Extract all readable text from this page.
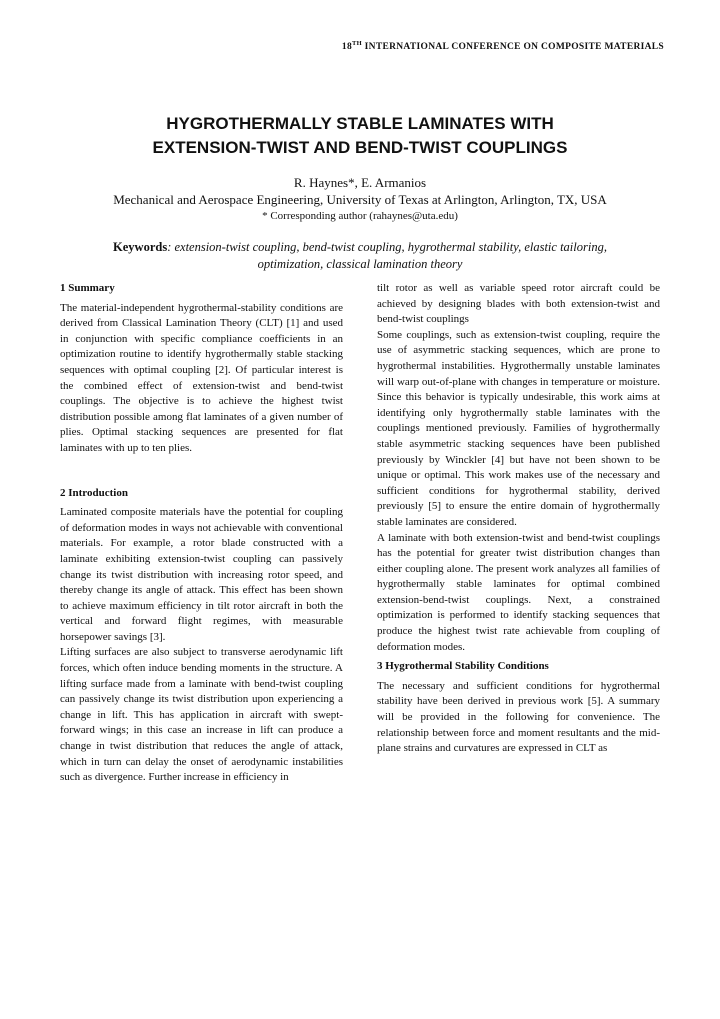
18TH INTERNATIONAL CONFERENCE ON COMPOSITE MATERIALS
HYGROTHERMALLY STABLE LAMINATES WITH
EXTENSION-TWIST AND BEND-TWIST COUPLINGS
R. Haynes*, E. Armanios
Mechanical and Aerospace Engineering, University of Texas at Arlington, Arlington, TX, USA
* Corresponding author (rahaynes@uta.edu)
Keywords: extension-twist coupling, bend-twist coupling, hygrothermal stability, elastic tailoring, optimization, classical lamination theory
1 Summary

The material-independent hygrothermal-stability conditions are derived from Classical Lamination Theory (CLT) [1] and used in conjunction with specific compliance coefficients in an optimization routine to identify hygrothermally stable stacking sequences with optimal coupling [2]. Of particular interest is the combined effect of extension-twist and bend-twist couplings. The objective is to achieve the highest twist distribution possible among flat laminates of a given number of plies. Optimal stacking sequences are presented for flat laminates with up to ten plies.

2 Introduction

Laminated composite materials have the potential for coupling of deformation modes in ways not achievable with conventional materials. For example, a rotor blade constructed with a laminate exhibiting extension-twist coupling can passively change its twist distribution with increasing rotor speed, and thereby change its angle of attack. This effect has been shown to achieve maximum efficiency in tilt rotor aircraft in both the vertical and forward flight regimes, with measurable horsepower savings [3].

Lifting surfaces are also subject to transverse aerodynamic lift forces, which often induce bending moments in the structure. A lifting surface made from a laminate with bend-twist coupling can passively change its twist distribution upon experiencing a change in lift. This has application in aircraft with swept-forward wings; in this case an increase in lift can produce a change in twist distribution that reduces the angle of attack, which in turn can delay the onset of aerodynamic instabilities such as divergence. Further increase in efficiency in

tilt rotor as well as variable speed rotor aircraft could be achieved by designing blades with both extension-twist and bend-twist couplings

Some couplings, such as extension-twist coupling, require the use of asymmetric stacking sequences, which are prone to hygrothermal instabilities. Hygrothermally unstable laminates will warp out-of-plane with changes in temperature or moisture. Since this behavior is typically undesirable, this work aims at identifying only hygrothermally stable laminates with the couplings mentioned previously. Families of hygrothermally stable asymmetric stacking sequences have been published previously by Winckler [4] but have not been shown to be unique or optimal. This work makes use of the necessary and sufficient conditions for hygrothermal stability, derived previously [5] to ensure the entire domain of hygrothermally stable laminates are considered.

A laminate with both extension-twist and bend-twist couplings has the potential for greater twist distribution changes than either coupling alone. The present work analyzes all families of hygrothermally stable laminates for optimal combined extension-bend-twist couplings. Next, a constrained optimization is performed to identify stacking sequences that produce the highest twist rate achievable from coupling of deformation modes.

3 Hygrothermal Stability Conditions

The necessary and sufficient conditions for hygrothermal stability have been derived in previous work [5]. A summary will be provided in the following for convenience. The relationship between force and moment resultants and the mid-plane strains and curvatures are expressed in CLT as
